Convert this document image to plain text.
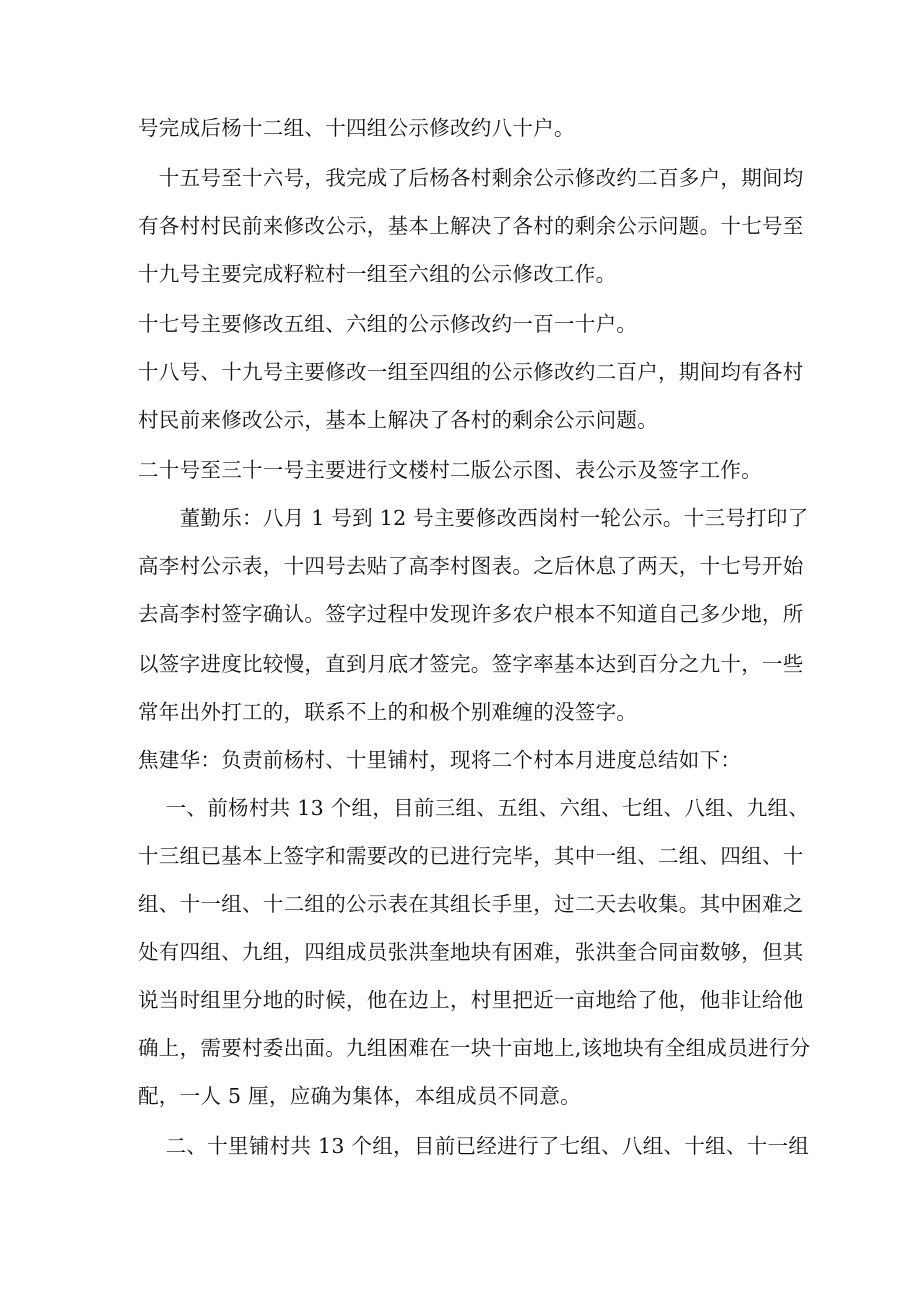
号完成后杨十二组、十四组公示修改约八十户。
　十五号至十六号，我完成了后杨各村剩余公示修改约二百多户，期间均
有各村村民前来修改公示，基本上解决了各村的剩余公示问题。十七号至
十九号主要完成籽粒村一组至六组的公示修改工作。
十七号主要修改五组、六组的公示修改约一百一十户。
十八号、十九号主要修改一组至四组的公示修改约二百户，期间均有各村
村民前来修改公示，基本上解决了各村的剩余公示问题。
二十号至三十一号主要进行文楼村二版公示图、表公示及签字工作。
　　董勤乐：八月 1 号到 12 号主要修改西岗村一轮公示。十三号打印了
高李村公示表，十四号去贴了高李村图表。之后休息了两天，十七号开始
去高李村签字确认。签字过程中发现许多农户根本不知道自己多少地，所
以签字进度比较慢，直到月底才签完。签字率基本达到百分之九十，一些
常年出外打工的，联系不上的和极个别难缠的没签字。
焦建华：负责前杨村、十里铺村，现将二个村本月进度总结如下：
　 一、前杨村共 13 个组，目前三组、五组、六组、七组、八组、九组、
十三组已基本上签字和需要改的已进行完毕，其中一组、二组、四组、十
组、十一组、十二组的公示表在其组长手里，过二天去收集。其中困难之
处有四组、九组，四组成员张洪奎地块有困难，张洪奎合同亩数够，但其
说当时组里分地的时候，他在边上，村里把近一亩地给了他，他非让给他
确上，需要村委出面。九组困难在一块十亩地上,该地块有全组成员进行分
配，一人 5 厘，应确为集体，本组成员不同意。
　 二、十里铺村共 13 个组，目前已经进行了七组、八组、十组、十一组
